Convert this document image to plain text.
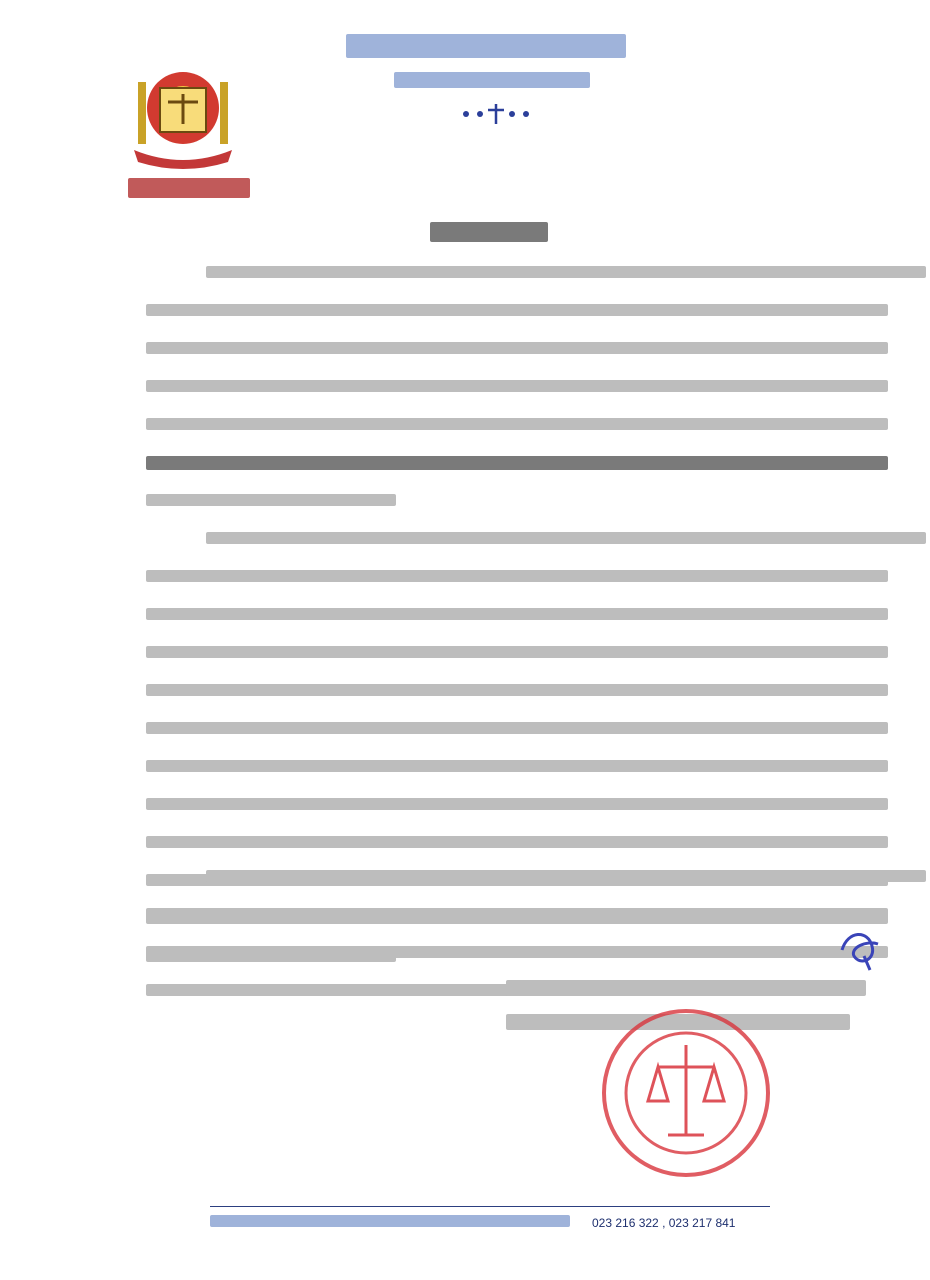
023 216 322 , 023 217 841
